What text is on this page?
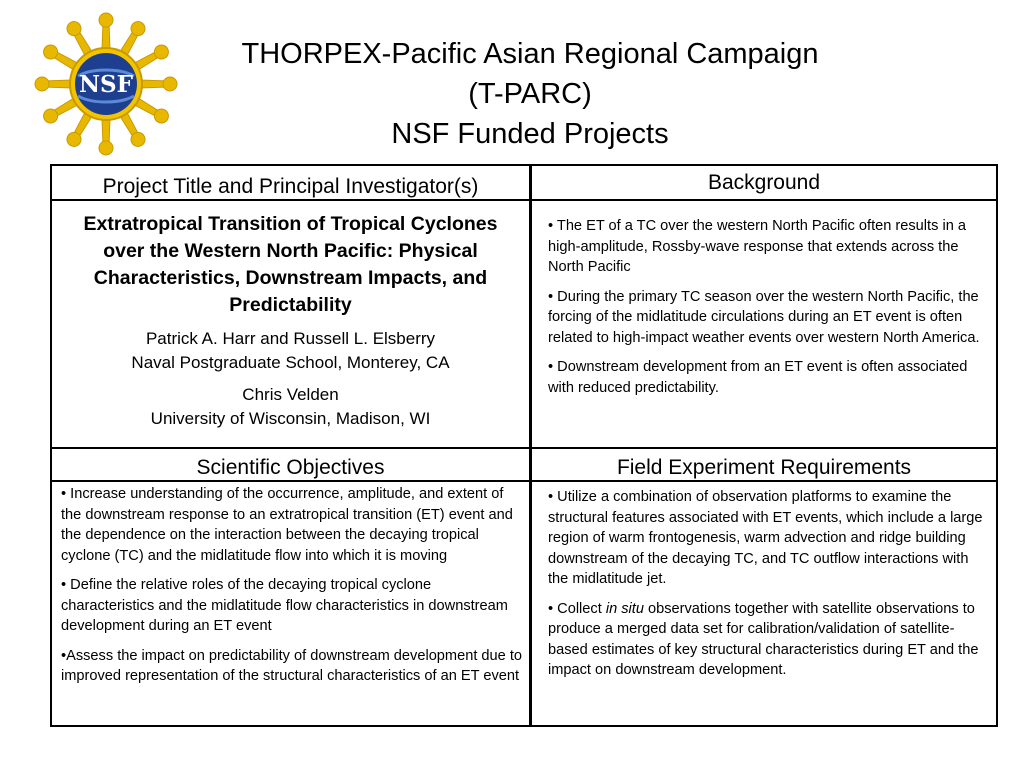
NSF
THORPEX-Pacific Asian Regional Campaign
(T-PARC)
NSF Funded Projects
Project Title and Principal Investigator(s)	Background

Extratropical Transition of Tropical Cyclones over the Western North Pacific: Physical Characteristics, Downstream Impacts, and Predictability

Patrick A. Harr and Russell L. Elsberry
Naval Postgraduate School, Monterey, CA

Chris Velden
University of Wisconsin, Madison, WI

• The ET of a TC over the western North Pacific often results in a high-amplitude, Rossby-wave response that extends across the North Pacific

• During the primary TC season over the western North Pacific, the forcing of the midlatitude circulations during an ET event is often related to high-impact weather events over western North America.

• Downstream development from an ET event is often associated with reduced predictability.

Scientific Objectives	Field Experiment Requirements

• Increase understanding of the occurrence, amplitude, and extent of the downstream response to an extratropical transition (ET) event and the dependence on the interaction between the decaying tropical cyclone (TC) and the midlatitude flow into which it is moving

• Define the relative roles of the decaying tropical cyclone characteristics and the midlatitude flow characteristics in downstream development during an ET event

•Assess the impact on predictability of downstream development due to improved representation of the structural characteristics of an ET event

• Utilize a combination of observation platforms to examine the structural features associated with ET events, which include a large region of warm frontogenesis, warm advection and ridge building downstream of the decaying TC, and TC outflow interactions with the midlatitude jet.

• Collect in situ observations together with satellite observations to produce a merged data set for calibration/validation of satellite-based estimates of key structural characteristics during ET and the impact on downstream development.
